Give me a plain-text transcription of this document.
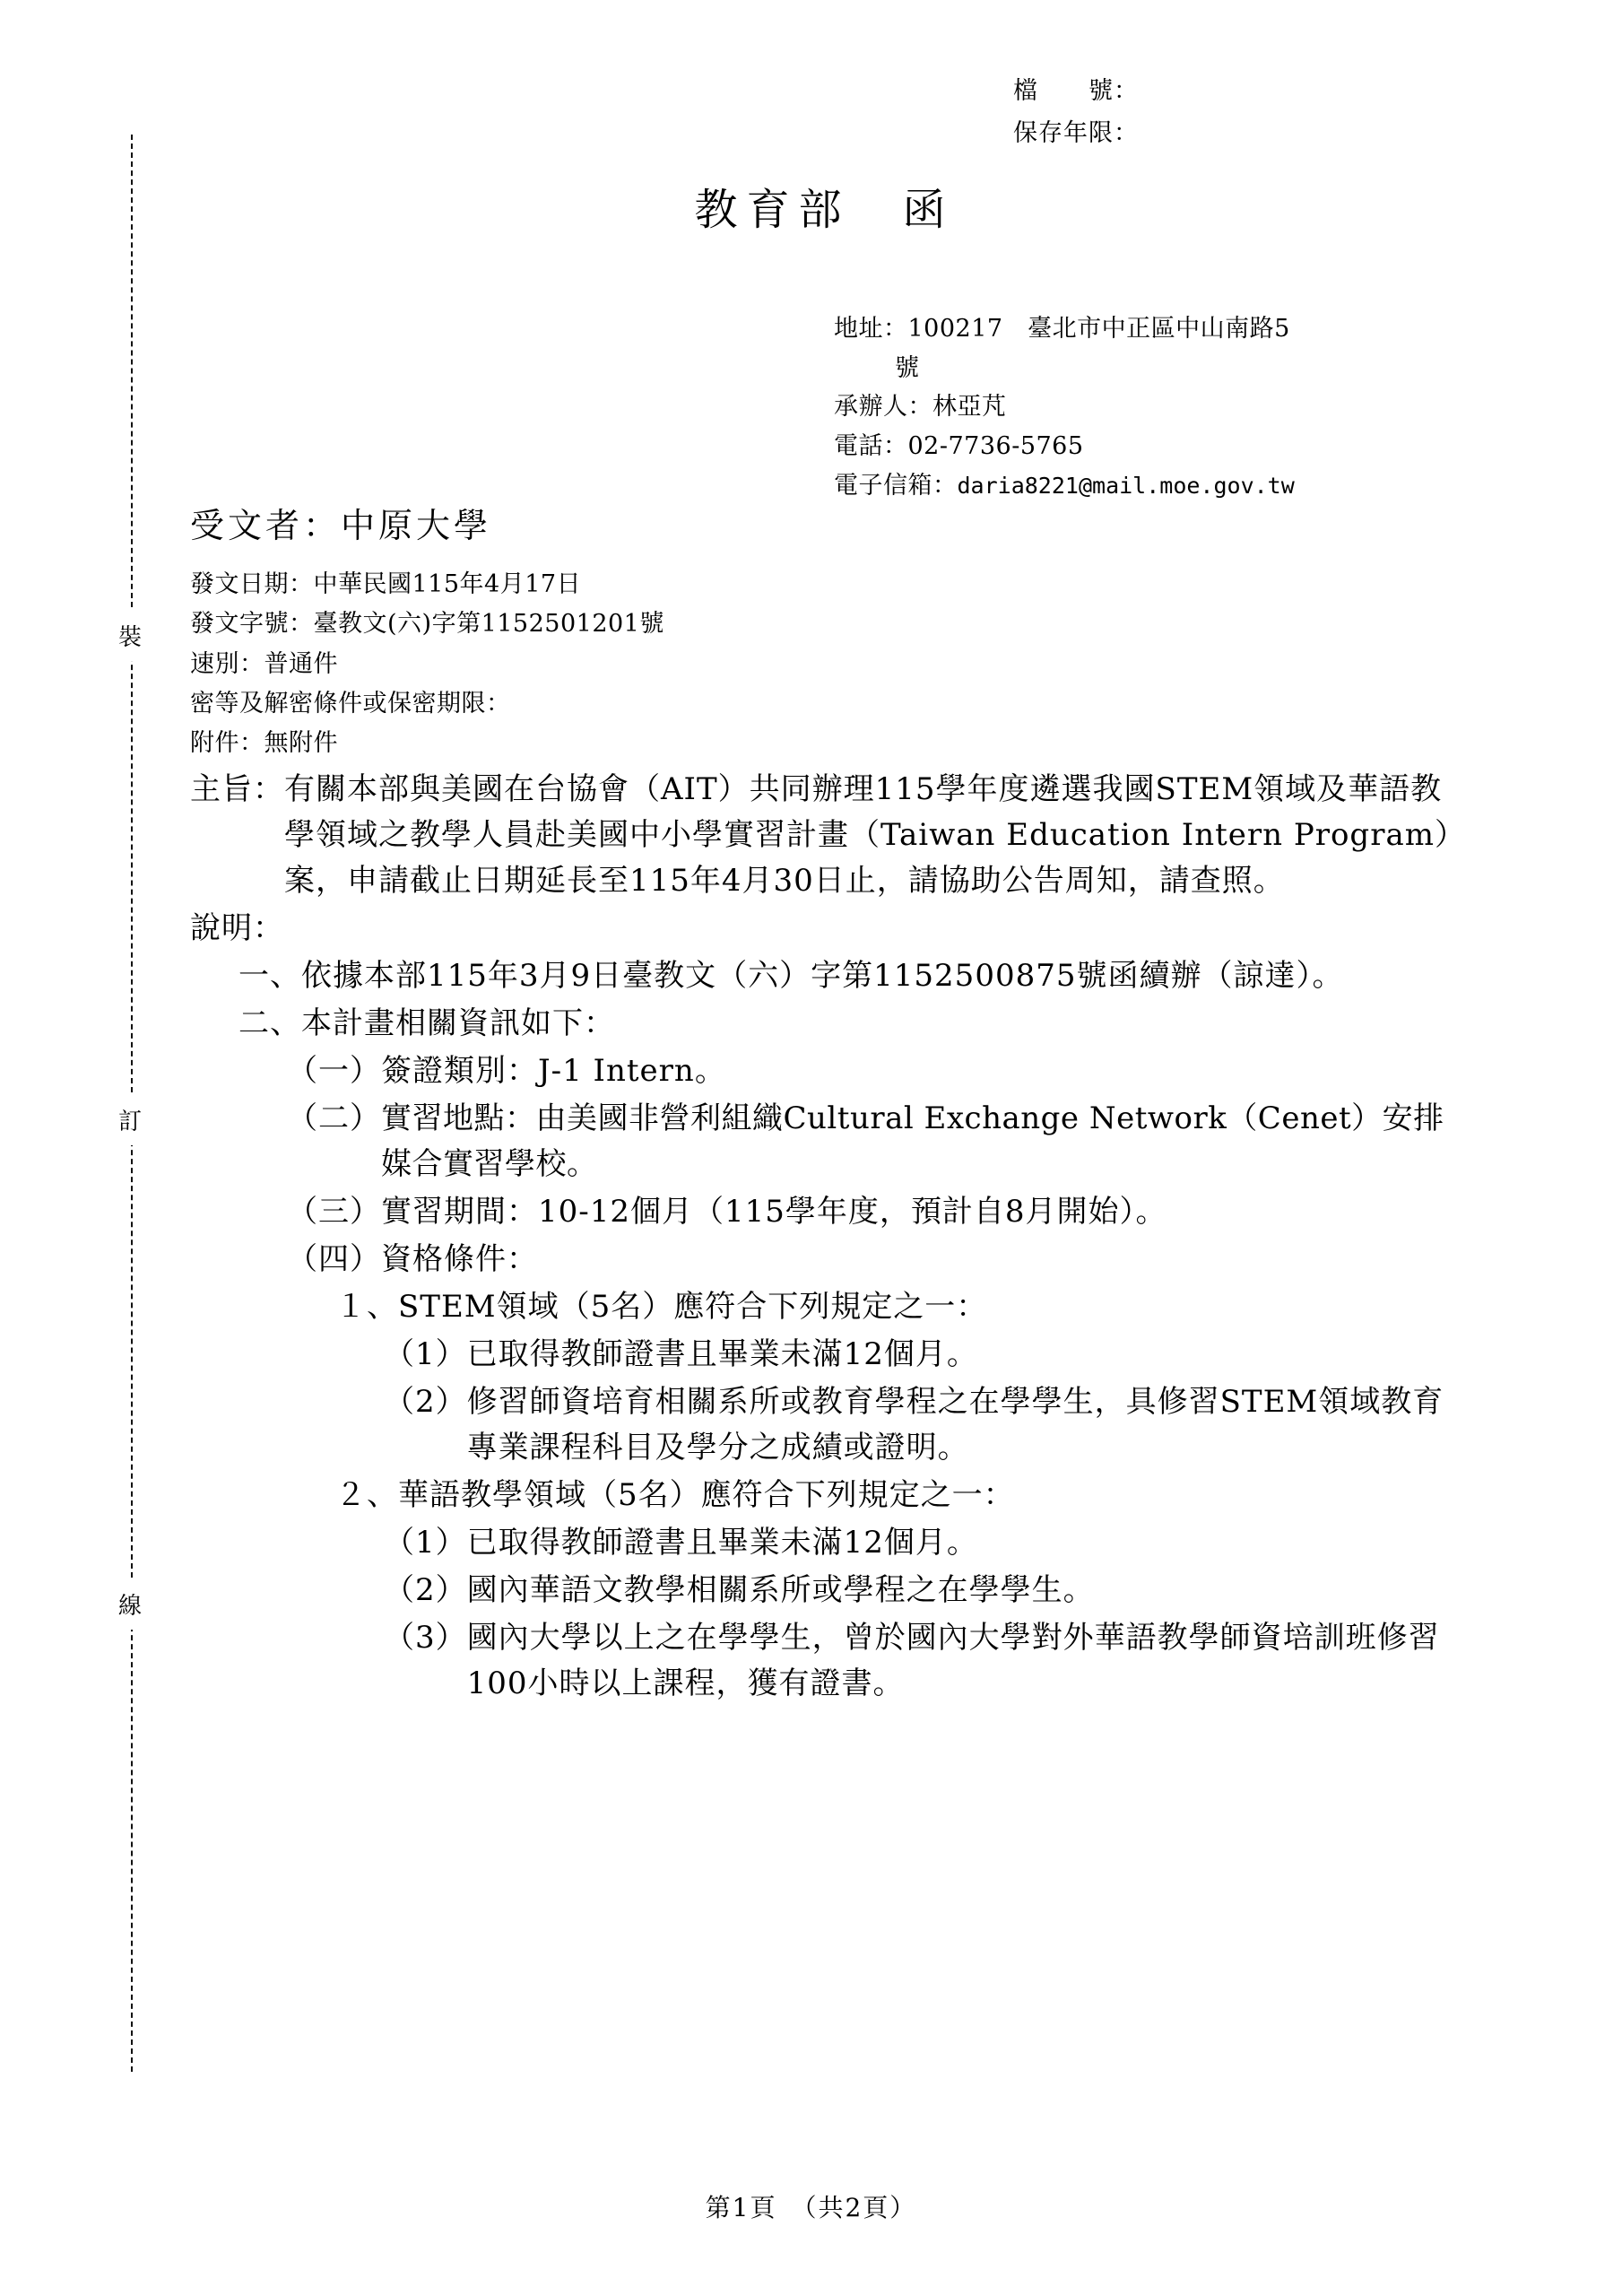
檔　　號：
保存年限：
教育部　函
地址：100217　臺北市中正區中山南路5
號
承辦人：林亞芃
電話：02-7736-5765
電子信箱：daria8221@mail.moe.gov.tw
裝
訂
線
受文者：中原大學
發文日期：中華民國115年4月17日
發文字號：臺教文(六)字第1152501201號
速別：普通件
密等及解密條件或保密期限：
附件：無附件
主旨： 有關本部與美國在台協會（AIT）共同辦理115學年度遴選我國STEM領域及華語教學領域之教學人員赴美國中小學實習計畫（Taiwan Education Intern Program）案，申請截止日期延長至115年4月30日止，請協助公告周知，請查照。
說明：
一、 依據本部115年3月9日臺教文（六）字第1152500875號函續辦（諒達）。
二、 本計畫相關資訊如下：
（一） 簽證類別：J-1 Intern。
（二） 實習地點：由美國非營利組織Cultural Exchange Network（Cenet）安排媒合實習學校。
（三） 實習期間：10-12個月（115學年度，預計自8月開始）。
（四） 資格條件：
１、 STEM領域（5名）應符合下列規定之一：
（1） 已取得教師證書且畢業未滿12個月。
（2） 修習師資培育相關系所或教育學程之在學學生，具修習STEM領域教育專業課程科目及學分之成績或證明。
２、 華語教學領域（5名）應符合下列規定之一：
（1） 已取得教師證書且畢業未滿12個月。
（2） 國內華語文教學相關系所或學程之在學學生。
（3） 國內大學以上之在學學生，曾於國內大學對外華語教學師資培訓班修習100小時以上課程，獲有證書。
第1頁　（共2頁）
